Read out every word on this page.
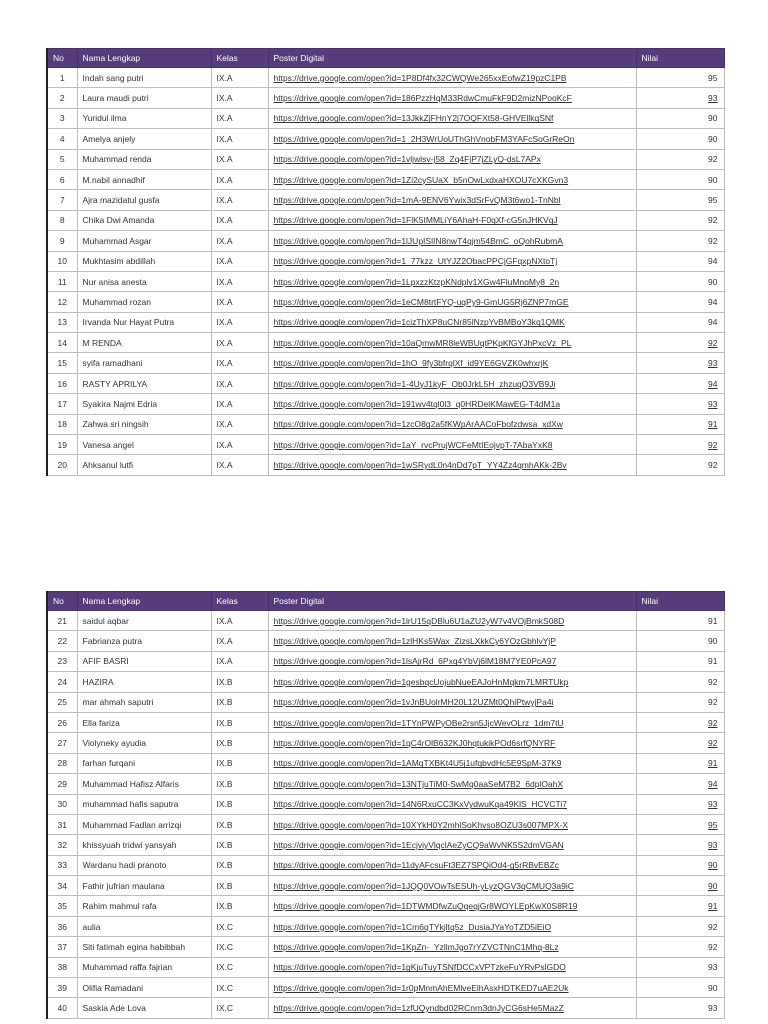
No	Nama Lengkap	Kelas	Poster Digital	Nilai
1	Indah sang putri	IX.A	https://drive.google.com/open?id=1P8Df4fx32CWQWe265xxEofwZ19pzC1PB	95
2	Laura maudi putri	IX.A	https://drive.google.com/open?id=186PzzHqM33RdwCmuFkF9D2mizNPooKcF	93
3	Yuridul ilma	IX.A	https://drive.google.com/open?id=13JkkZjFHnY2j7OQFXt58-GHVEllkqSNf	90
4	Amelya anjely	IX.A	https://drive.google.com/open?id=1_2H3WrUoUThGhVnobFM3YAFcSoGrReOn	90
5	Muhammad renda	IX.A	https://drive.google.com/open?id=1vljwlsv-j58_Zq4FjP7jZLyQ-dsL7APx	92
6	M.nabil annadhif	IX.A	https://drive.google.com/open?id=1Zi2cySUaX_b5nOwLxdxaHXOU7cXKGvn3	90
7	Ajra mazidatul gusfa	IX.A	https://drive.google.com/open?id=1mA-9ENV6Ywix3dSrFvQM3t6wo1-TnNbl	95
8	Chika Dwi Amanda	IX.A	https://drive.google.com/open?id=1FlK5IMMLiY6AhaH-F0qXf-cG5nJHKVqJ	92
9	Muhammad Asgar	IX.A	https://drive.google.com/open?id=1lJUpISlIN8nwT4qjm54BmC_oQohRubmA	92
10	Mukhtasim abdillah	IX.A	https://drive.google.com/open?id=1_77kzz_UtYJZ2ObacPPCjGFqxpNXtoTj	94
11	Nur anisa anesta	IX.A	https://drive.google.com/open?id=1LpxzzKtzpKNdplv1XGw4FluMnoMy8_2n	90
12	Muhammad rozan	IX.A	https://drive.google.com/open?id=1eCM8trtFYQ-uqPy9-GmUG5Rj6ZNP7mGE	94
13	Irvanda Nur Hayat Putra	IX.A	https://drive.google.com/open?id=1cizThXP8uCNr85lNzpYvBMBoY3kq1QMK	94
14	M RENDA	IX.A	https://drive.google.com/open?id=10aQmwMR8leWBUqtPKpKfGYJhPxcVz_PL	92
15	syifa ramadhani	IX.A	https://drive.google.com/open?id=1hO_9fy3bfrqlXf_id9YE6GVZK0whxrjK	93
16	RASTY APRILYA	IX.A	https://drive.google.com/open?id=1-4UyJ1kyF_Ob0JrkL5H_zhzuqO3VB9Ji	94
17	Syakira Najmi Edria	IX.A	https://drive.google.com/open?id=191wv4tql0l3_q0HRDelKMawEG-T4dM1a	93
18	Zahwa sri ningsih	IX.A	https://drive.google.com/open?id=1zcO8g2a5fKWpArAACoFbofzdwsa_xdXw	91
19	Vanesa angel	IX.A	https://drive.google.com/open?id=1aY_rvcPrujWCFeMtIEojvpT-7AbaYxK8	92
20	Ahksanul lutfi	IX.A	https://drive.google.com/open?id=1wSRydL0n4nDd7pT_YY4Zz4qmhAKk-2Bv	92
No	Nama Lengkap	Kelas	Poster Digital	Nilai
21	saidul aqbar	IX.A	https://drive.google.com/open?id=1lrU15qDBlu6U1aZU2yW7v4VOjBmkS08D	91
22	Fabrianza putra	IX.A	https://drive.google.com/open?id=1zlHKs5Wax_ZizsLXkkCy6YOzGbhlvYjP	90
23	AFIF BASRI	IX.A	https://drive.google.com/open?id=1lsAjrRd_6Pxq4YbVj6lM18M7YE0PcA97	91
24	HAZIRA	IX.B	https://drive.google.com/open?id=1gesbqcUojubNueEAJoHnMqkm7LMRTUkp	92
25	mar ahmah saputri	IX.B	https://drive.google.com/open?id=1vJnBUolrMH20L12UZMt0QhiPtwyjPa4i	92
26	Ella fariza	IX.B	https://drive.google.com/open?id=1TYnPWPyOBe2rsn5JjcWevOLrz_1dm7tU	92
27	Violyneky ayudia	IX.B	https://drive.google.com/open?id=1qC4rOlB632KJ0hqtukikPOd6srfQNYRF	92
28	farhan furqani	IX.B	https://drive.google.com/open?id=1AMqTXBKt4U5j1ufqbvdHc5E9SpM-37K9	91
29	Muhammad Hafisz Alfaris	IX.B	https://drive.google.com/open?id=13NTjuTiM0-SwMq0aaSeM7B2_6dplOahX	94
30	muhammad hafis saputra	IX.B	https://drive.google.com/open?id=14N6RxuCC3KxVydwuKqa49KlS_HCVCTi7	93
31	Muhammad Fadlan arrizqi	IX.B	https://drive.google.com/open?id=10XYkH0Y2mhlSoKhvso8OZU3s007MPX-X	95
32	khissyuah tridwi yansyah	IX.B	https://drive.google.com/open?id=1EcjviyVlqclAeZyCQ9aWvNK5S2dmVGAN	93
33	Wardanu hadi pranoto	IX.B	https://drive.google.com/open?id=11dyAFcsuFt3EZ7SPQiOd4-g5rRBvEBZc	90
34	Fathir jufrian maulana	IX.B	https://drive.google.com/open?id=1JQQ0VOwTsESUh-yLyzQGV3qCMUQ3a9iC	90
35	Rahim mahmul rafa	IX.B	https://drive.google.com/open?id=1DTWMDfwZuQqeqjGr8WOYLEpKwX0S8R19	91
36	aulia	IX.C	https://drive.google.com/open?id=1Cm6qTYkjltq5z_DusiaJYaYoTZD5iEiO	92
37	Siti fatimah egina habibbah	IX.C	https://drive.google.com/open?id=1KpZn-_YzllmJgo7rYZVCTNnC1Mhq-8Lz	92
38	Muhammad raffa fajrian	IX.C	https://drive.google.com/open?id=1gKjuTuyTSNfDCCxVPTzkeFuYRvPslGDO	93
39	Olifia Ramadani	IX.C	https://drive.google.com/open?id=1r0pMnmAhEMlveElhAsxHDTKED7uAE2Uk	90
40	Saskia Ade Lova	IX.C	https://drive.google.com/open?id=1zfUQyndbd02RCnrn3dnJyCG6sHe5MazZ	93
